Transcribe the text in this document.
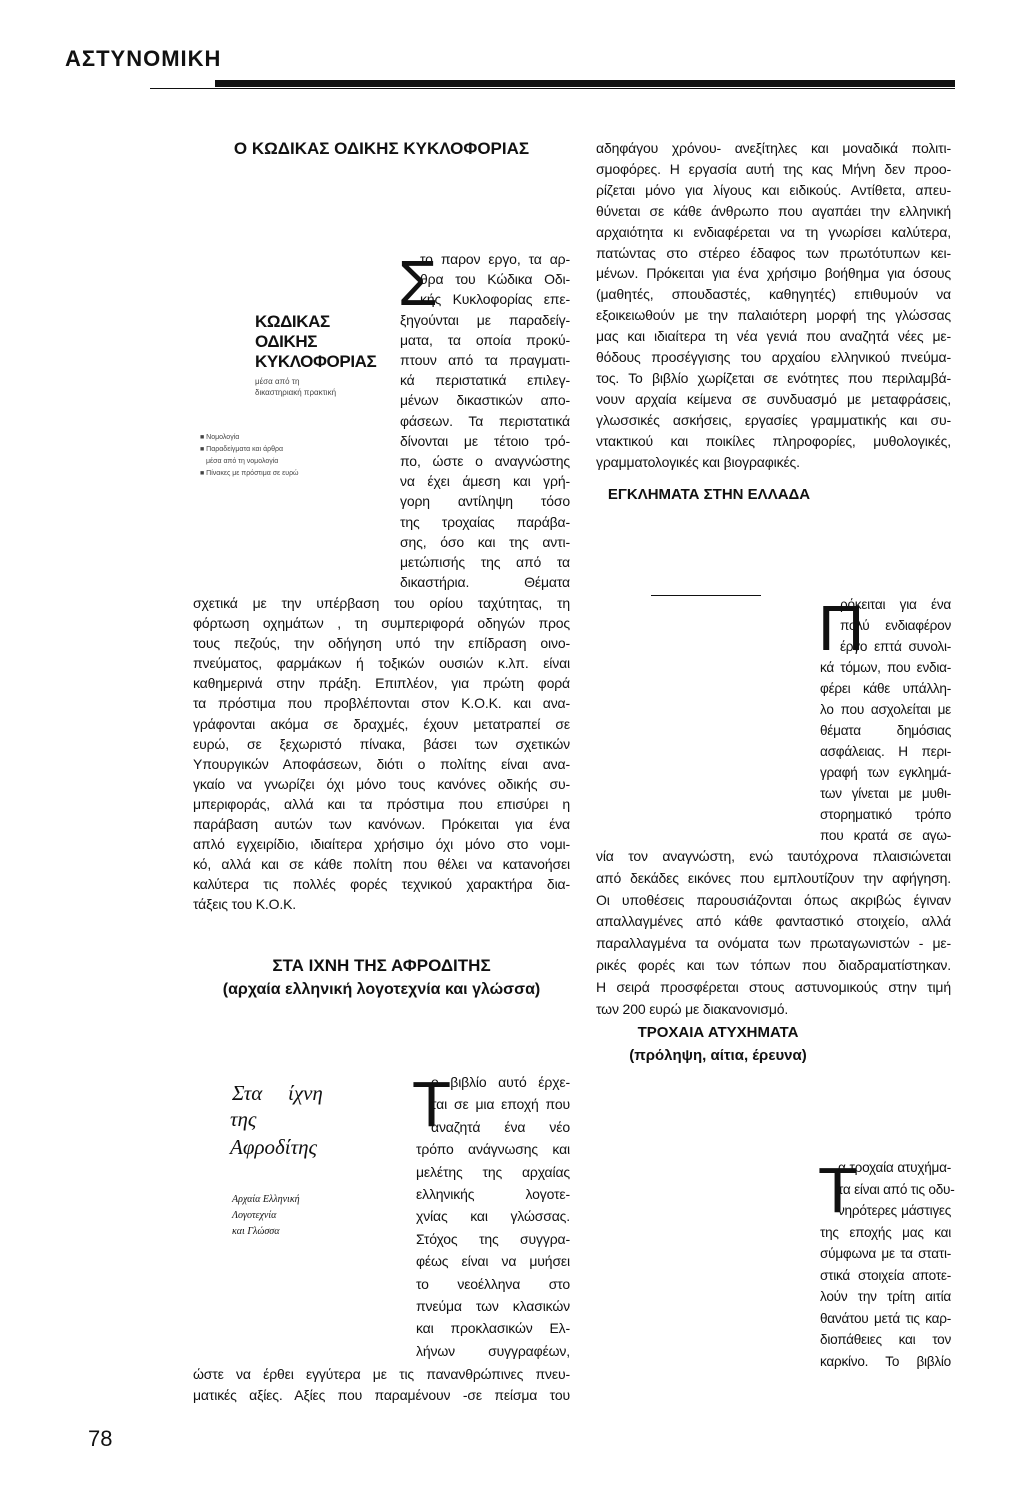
ΑΣΤΥΝΟΜΙΚΗ
Ο ΚΩΔΙΚΑΣ ΟΔΙΚΗΣ ΚΥΚΛΟΦΟΡΙΑΣ
ΚΩΔΙΚΑΣ
ΟΔΙΚΗΣ
ΚΥΚΛΟΦΟΡΙΑΣ
μέσα από τη
δικαστηριακή πρακτική
■ Νομολογία
■ Παραδείγματα και άρθρα
μέσα από τη νομολογία
■ Πίνακες με πρόστιμα σε ευρώ
Σ
το παρον εργο, τα αρ-
θρα του Κώδικα Οδι-
κής Κυκλοφορίας επε-
ξηγούνται με παραδείγ-
ματα, τα οποία προκύ-
πτουν από τα πραγματι-
κά περιστατικά επιλεγ-
μένων δικαστικών απο-
φάσεων. Τα περιστατικά
δίνονται με τέτοιο τρό-
πο, ώστε ο αναγνώστης
να έχει άμεση και γρή-
γορη αντίληψη τόσο
της τροχαίας παράβα-
σης, όσο και της αντι-
μετώπισής της από τα
δικαστήρια. Θέματα
σχετικά με την υπέρβαση του ορίου ταχύτητας, τη
φόρτωση οχημάτων , τη συμπεριφορά οδηγών προς
τους πεζούς, την οδήγηση υπό την επίδραση οινο-
πνεύματος, φαρμάκων ή τοξικών ουσιών κ.λπ. είναι
καθημερινά στην πράξη. Επιπλέον, για πρώτη φορά
τα πρόστιμα που προβλέπονται στον Κ.Ο.Κ. και ανα-
γράφονται ακόμα σε δραχμές, έχουν μετατραπεί σε
ευρώ, σε ξεχωριστό πίνακα, βάσει των σχετικών
Υπουργικών Αποφάσεων, διότι ο πολίτης είναι ανα-
γκαίο να γνωρίζει όχι μόνο τους κανόνες οδικής συ-
μπεριφοράς, αλλά και τα πρόστιμα που επισύρει η
παράβαση αυτών των κανόνων. Πρόκειται για ένα
απλό εγχειρίδιο, ιδιαίτερα χρήσιμο όχι μόνο στο νομι-
κό, αλλά και σε κάθε πολίτη που θέλει να κατανοήσει
καλύτερα τις πολλές φορές τεχνικού χαρακτήρα δια-
τάξεις του Κ.Ο.Κ.
ΣΤΑ ΙΧΝΗ ΤΗΣ ΑΦΡΟΔΙΤΗΣ
(αρχαία ελληνική λογοτεχνία και γλώσσα)
Στα ίχνη
της
Αφροδίτης
Αρχαία Ελληνική
Λογοτεχνία
και Γλώσσα
Τ
ο βιβλίο αυτό έρχε-
ται σε μια εποχή που
αναζητά ένα νέο
τρόπο ανάγνωσης και
μελέτης της αρχαίας
ελληνικής λογοτε-
χνίας και γλώσσας.
Στόχος της συγγρα-
φέως είναι να μυήσει
το νεοέλληνα στο
πνεύμα των κλασικών
και προκλασικών Ελ-
λήνων συγγραφέων,
ώστε να έρθει εγγύτερα με τις πανανθρώπινες πνευ-
ματικές αξίες. Αξίες που παραμένουν -σε πείσμα του
αδηφάγου χρόνου- ανεξίτηλες και μοναδικά πολιτι-
σμοφόρες. Η εργασία αυτή της κας Μήνη δεν προο-
ρίζεται μόνο για λίγους και ειδικούς. Αντίθετα, απευ-
θύνεται σε κάθε άνθρωπο που αγαπάει την ελληνική
αρχαιότητα κι ενδιαφέρεται να τη γνωρίσει καλύτερα,
πατώντας στο στέρεο έδαφος των πρωτότυπων κει-
μένων. Πρόκειται για ένα χρήσιμο βοήθημα για όσους
(μαθητές, σπουδαστές, καθηγητές) επιθυμούν να
εξοικειωθούν με την παλαιότερη μορφή της γλώσσας
μας και ιδιαίτερα τη νέα γενιά που αναζητά νέες με-
θόδους προσέγγισης του αρχαίου ελληνικού πνεύμα-
τος. Το βιβλίο χωρίζεται σε ενότητες που περιλαμβά-
νουν αρχαία κείμενα σε συνδυασμό με μεταφράσεις,
γλωσσικές ασκήσεις, εργασίες γραμματικής και συ-
ντακτικού και ποικίλες πληροφορίες, μυθολογικές,
γραμματολογικές και βιογραφικές.
ΕΓΚΛΗΜΑΤΑ ΣΤΗΝ ΕΛΛΑΔΑ
Π
ρόκειται για ένα
πολύ ενδιαφέρον
έργο επτά συνολι-
κά τόμων, που ενδια-
φέρει κάθε υπάλλη-
λο που ασχολείται με
θέματα δημόσιας
ασφάλειας. Η περι-
γραφή των εγκλημά-
των γίνεται με μυθι-
στορηματικό τρόπο
που κρατά σε αγω-
νία τον αναγνώστη, ενώ ταυτόχρονα πλαισιώνεται
από δεκάδες εικόνες που εμπλουτίζουν την αφήγηση.
Οι υποθέσεις παρουσιάζονται όπως ακριβώς έγιναν
απαλλαγμένες από κάθε φανταστικό στοιχείο, αλλά
παραλλαγμένα τα ονόματα των πρωταγωνιστών - με-
ρικές φορές και των τόπων που διαδραματίστηκαν.
Η σειρά προσφέρεται στους αστυνομικούς στην τιμή
των 200 ευρώ με διακανονισμό.
ΤΡΟΧΑΙΑ ΑΤΥΧΗΜΑΤΑ
(πρόληψη, αίτια, έρευνα)
Τ
α τροχαία ατυχήμα-
τα είναι από τις οδυ-
νηρότερες μάστιγες
της εποχής μας και
σύμφωνα με τα στατι-
στικά στοιχεία αποτε-
λούν την τρίτη αιτία
θανάτου μετά τις καρ-
διοπάθειες και τον
καρκίνο. Το βιβλίο
78
